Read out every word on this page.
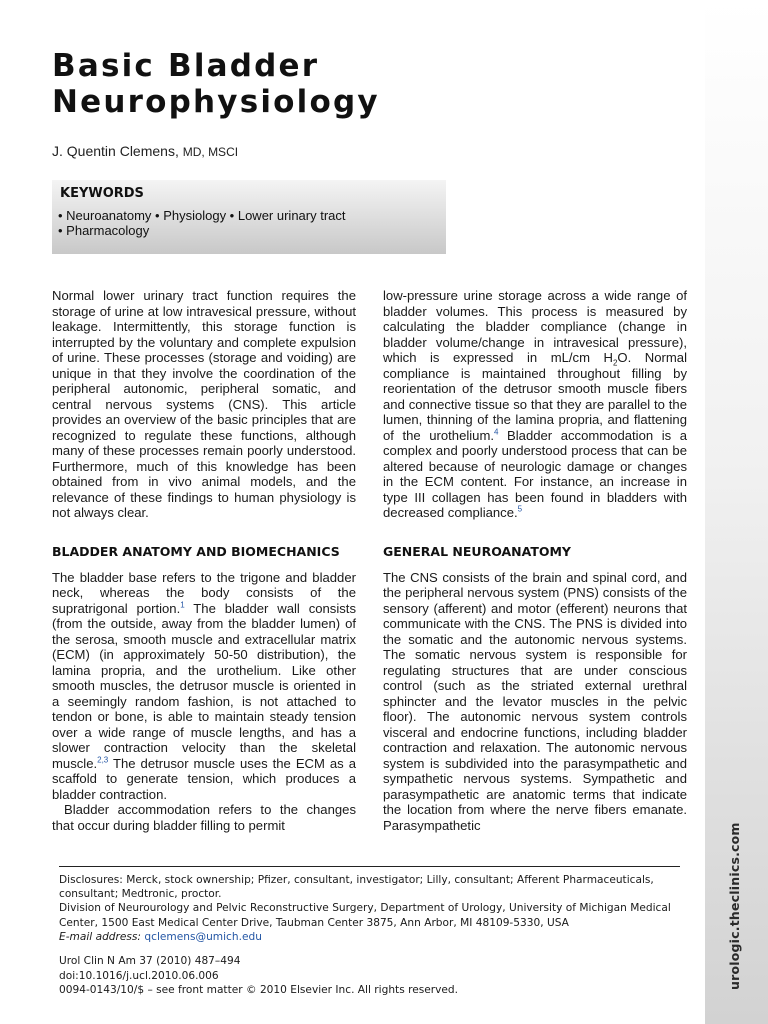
urologic.theclinics.com
Basic Bladder
Neurophysiology
J. Quentin Clemens, MD, MSCI
KEYWORDS
• Neuroanatomy • Physiology • Lower urinary tract
• Pharmacology

Normal lower urinary tract function requires the storage of urine at low intravesical pressure, without leakage. Intermittently, this storage function is interrupted by the voluntary and complete expulsion of urine. These processes (storage and voiding) are unique in that they involve the coordination of the peripheral autonomic, peripheral somatic, and central nervous systems (CNS). This article provides an overview of the basic principles that are recognized to regulate these functions, although many of these processes remain poorly understood. Furthermore, much of this knowledge has been obtained from in vivo animal models, and the relevance of these findings to human physiology is not always clear.

BLADDER ANATOMY AND BIOMECHANICS

The bladder base refers to the trigone and bladder neck, whereas the body consists of the supratrigonal portion.$^1$ The bladder wall consists (from the outside, away from the bladder lumen) of the serosa, smooth muscle and extracellular matrix (ECM) (in approximately 50-50 distribution), the lamina propria, and the urothelium. Like other smooth muscles, the detrusor muscle is oriented in a seemingly random fashion, is not attached to tendon or bone, is able to maintain steady tension over a wide range of muscle lengths, and has a slower contraction velocity than the skeletal muscle.$^{2,3}$ The detrusor muscle uses the ECM as a scaffold to generate tension, which produces a bladder contraction.

Bladder accommodation refers to the changes that occur during bladder filling to permit

low-pressure urine storage across a wide range of bladder volumes. This process is measured by calculating the bladder compliance (change in bladder volume/change in intravesical pressure), which is expressed in mL/cm $H_2O$. Normal compliance is maintained throughout filling by reorientation of the detrusor smooth muscle fibers and connective tissue so that they are parallel to the lumen, thinning of the lamina propria, and flattening of the urothelium.$^4$ Bladder accommodation is a complex and poorly understood process that can be altered because of neurologic damage or changes in the ECM content. For instance, an increase in type III collagen has been found in bladders with decreased compliance.$^5$

GENERAL NEUROANATOMY

The CNS consists of the brain and spinal cord, and the peripheral nervous system (PNS) consists of the sensory (afferent) and motor (efferent) neurons that communicate with the CNS. The PNS is divided into the somatic and the autonomic nervous systems. The somatic nervous system is responsible for regulating structures that are under conscious control (such as the striated external urethral sphincter and the levator muscles in the pelvic floor). The autonomic nervous system controls visceral and endocrine functions, including bladder contraction and relaxation. The autonomic nervous system is subdivided into the parasympathetic and sympathetic nervous systems. Sympathetic and parasympathetic are anatomic terms that indicate the location from where the nerve fibers emanate. Parasympathetic

Disclosures: Merck, stock ownership; Pfizer, consultant, investigator; Lilly, consultant; Afferent Pharmaceuticals, consultant; Medtronic, proctor.

Division of Neurourology and Pelvic Reconstructive Surgery, Department of Urology, University of Michigan Medical Center, 1500 East Medical Center Drive, Taubman Center 3875, Ann Arbor, MI 48109-5330, USA

E-mail address: qclemens@umich.edu

Urol Clin N Am 37 (2010) 487–494

doi:10.1016/j.ucl.2010.06.006

0094-0143/10/$ – see front matter © 2010 Elsevier Inc. All rights reserved.
